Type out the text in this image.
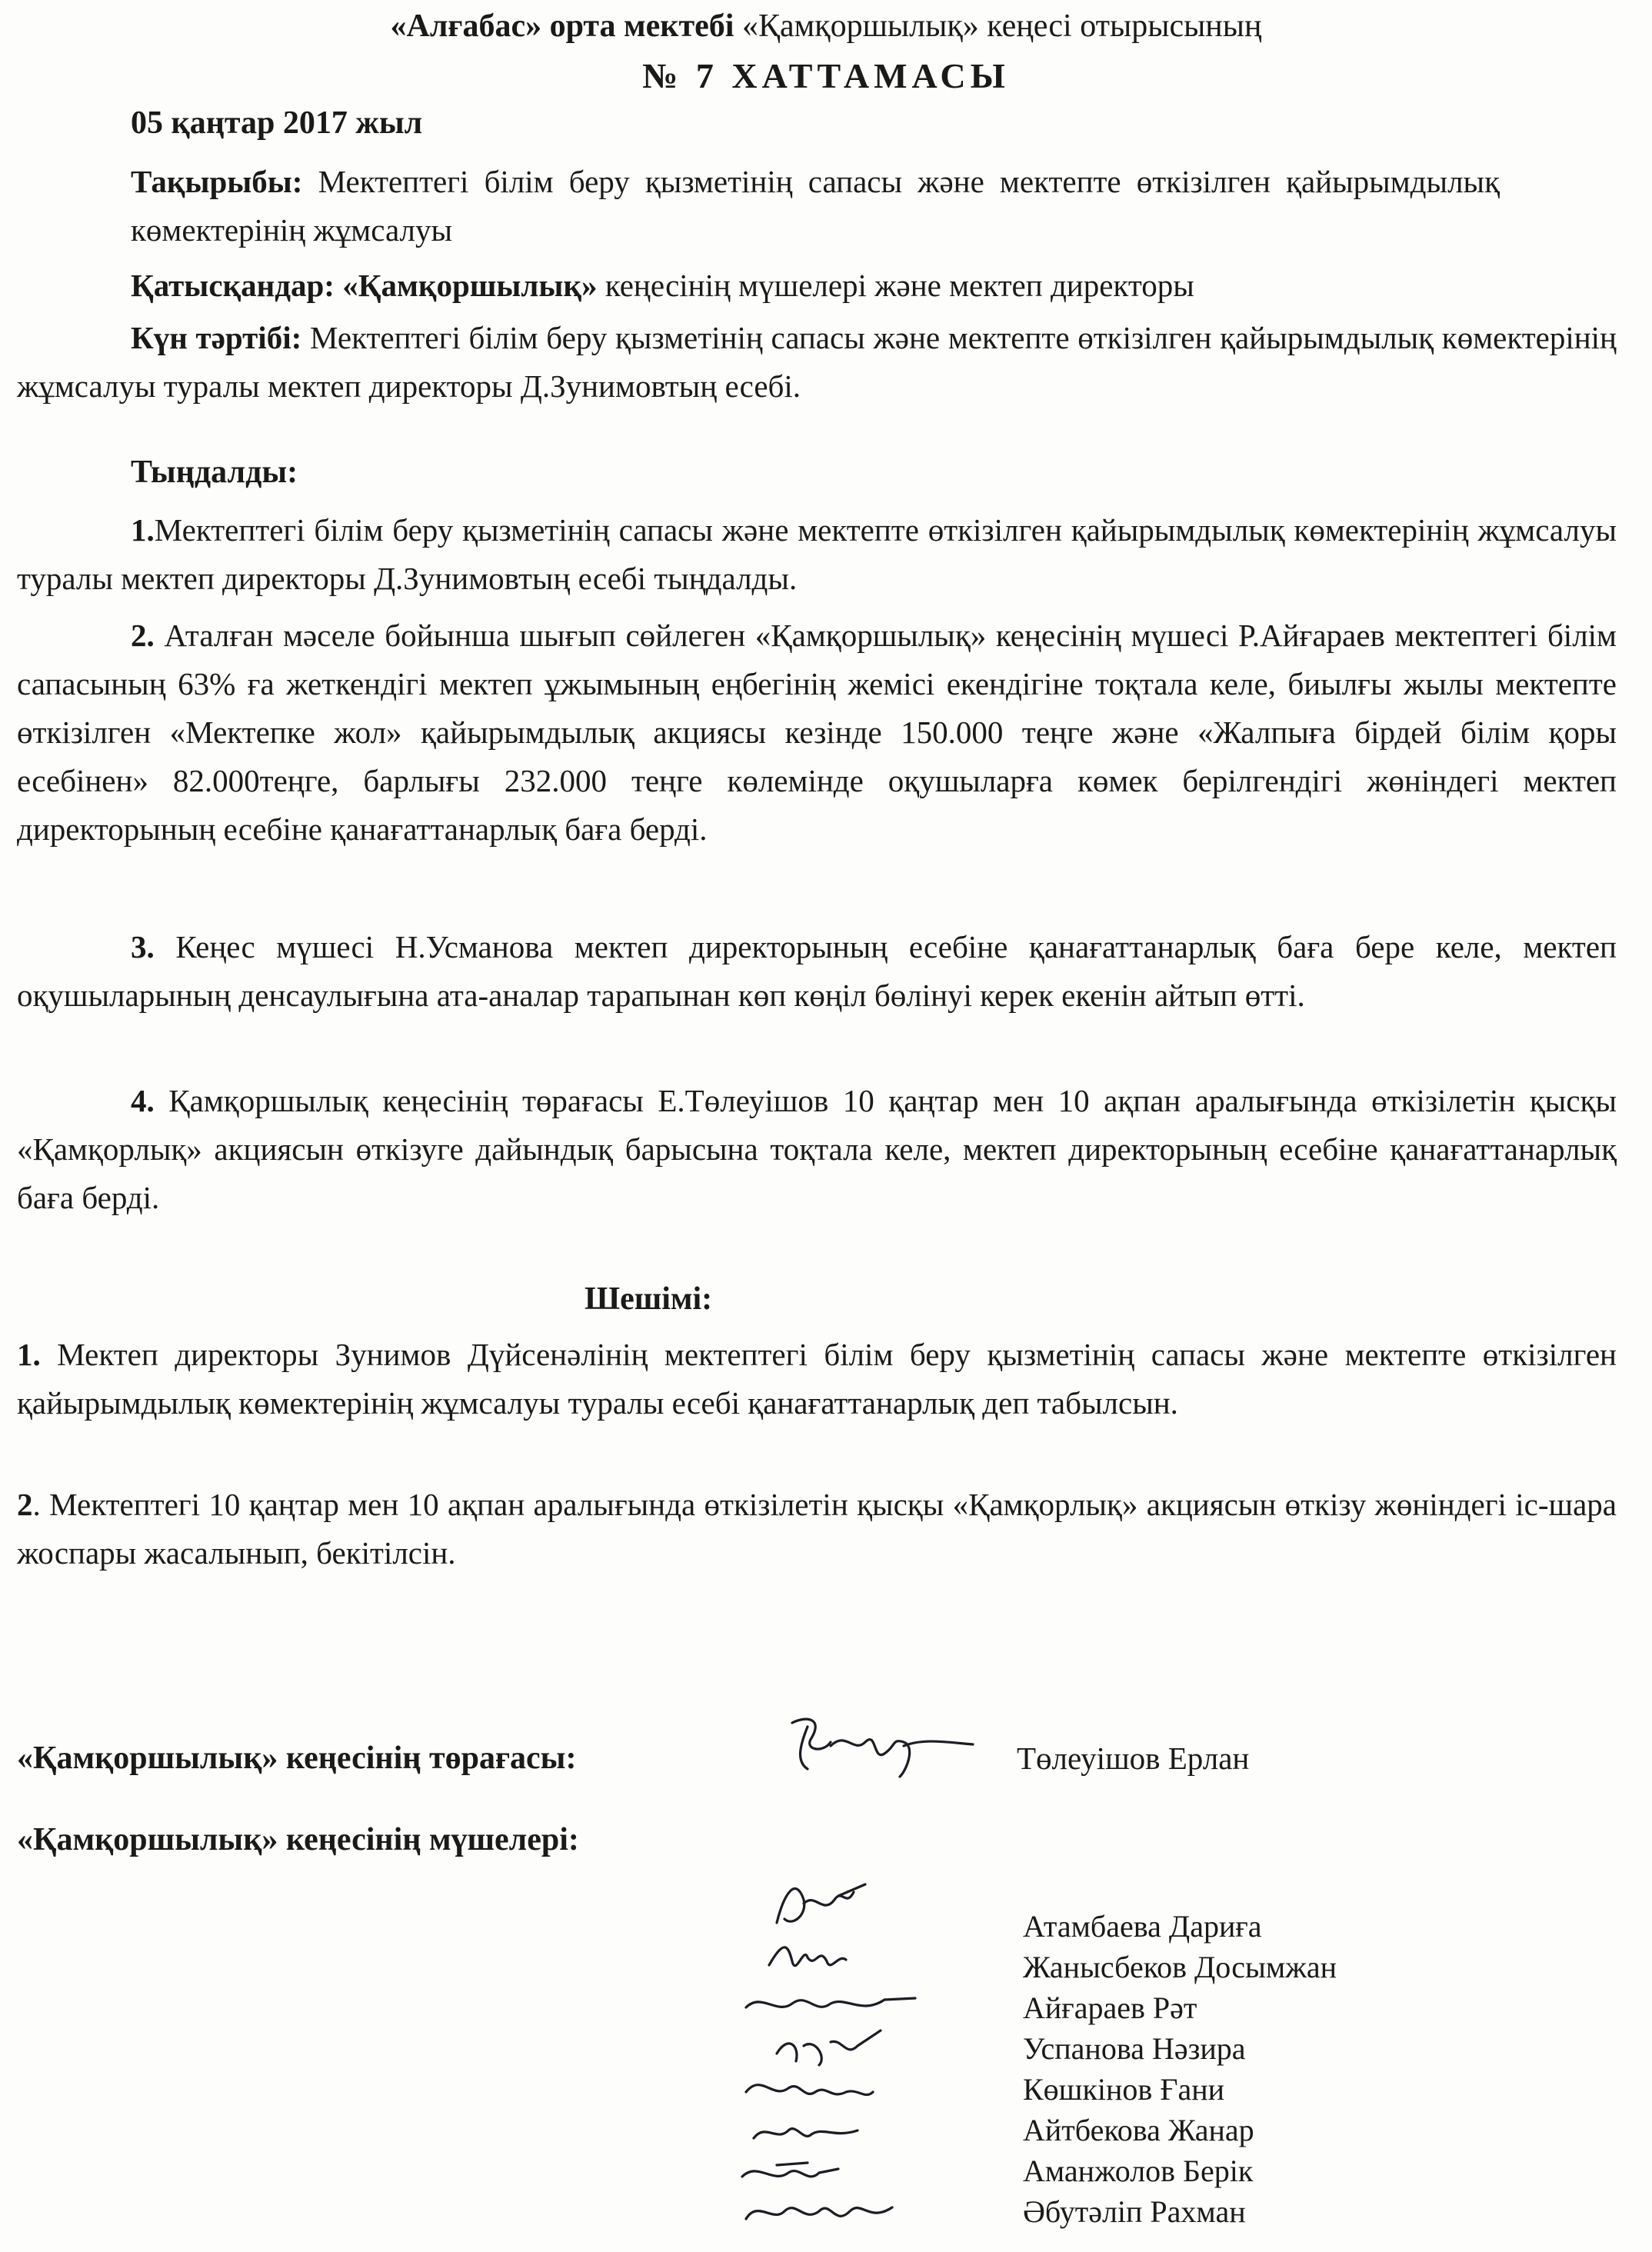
«Алғабас» орта мектебі «Қамқоршылық» кеңесі отырысының
№ 7 ХАТТАМАСЫ
05 қаңтар 2017 жыл
Тақырыбы: Мектептегі білім беру қызметінің сапасы және мектепте өткізілген қайырымдылық көмектерінің жұмсалуы
Қатысқандар: «Қамқоршылық» кеңесінің мүшелері және мектеп директоры
Күн тәртібі: Мектептегі білім беру қызметінің сапасы және мектепте өткізілген қайырымдылық көмектерінің жұмсалуы туралы мектеп директоры Д.Зунимовтың есебі.
Тыңдалды:
1.Мектептегі білім беру қызметінің сапасы және мектепте өткізілген қайырымдылық көмектерінің жұмсалуы туралы мектеп директоры Д.Зунимовтың есебі тыңдалды.
2. Аталған мәселе бойынша шығып сөйлеген «Қамқоршылық» кеңесінің мүшесі Р.Айғараев мектептегі білім сапасының 63% ға жеткендігі мектеп ұжымының еңбегінің жемісі екендігіне тоқтала келе, биылғы жылы мектепте өткізілген «Мектепке жол» қайырымдылық акциясы кезінде 150.000 теңге және «Жалпыға бірдей білім қоры есебінен» 82.000теңге, барлығы 232.000 теңге көлемінде оқушыларға көмек берілгендігі жөніндегі мектеп директорының есебіне қанағаттанарлық баға берді.
3. Кеңес мүшесі Н.Усманова мектеп директорының есебіне қанағаттанарлық баға бере келе, мектеп оқушыларының денсаулығына ата-аналар тарапынан көп көңіл бөлінуі керек екенін айтып өтті.
4. Қамқоршылық кеңесінің төрағасы Е.Төлеуішов 10 қаңтар мен 10 ақпан аралығында өткізілетін қысқы «Қамқорлық» акциясын өткізуге дайындық барысына тоқтала келе, мектеп директорының есебіне қанағаттанарлық баға берді.
Шешімі:
1. Мектеп директоры Зунимов Дүйсенәлінің мектептегі білім беру қызметінің сапасы және мектепте өткізілген қайырымдылық көмектерінің жұмсалуы туралы есебі қанағаттанарлық деп табылсын.
2. Мектептегі 10 қаңтар мен 10 ақпан аралығында өткізілетін қысқы «Қамқорлық» акциясын өткізу жөніндегі іс-шара жоспары жасалынып, бекітілсін.
«Қамқоршылық» кеңесінің төрағасы:	Төлеуішов Ерлан
«Қамқоршылық» кеңесінің мүшелері:
Атамбаева Дариға
Жанысбеков Досымжан
Айғараев Рәт
Успанова Нәзира
Көшкінов Ғани
Айтбекова Жанар
Аманжолов Берік
Әбутәліп Рахман
